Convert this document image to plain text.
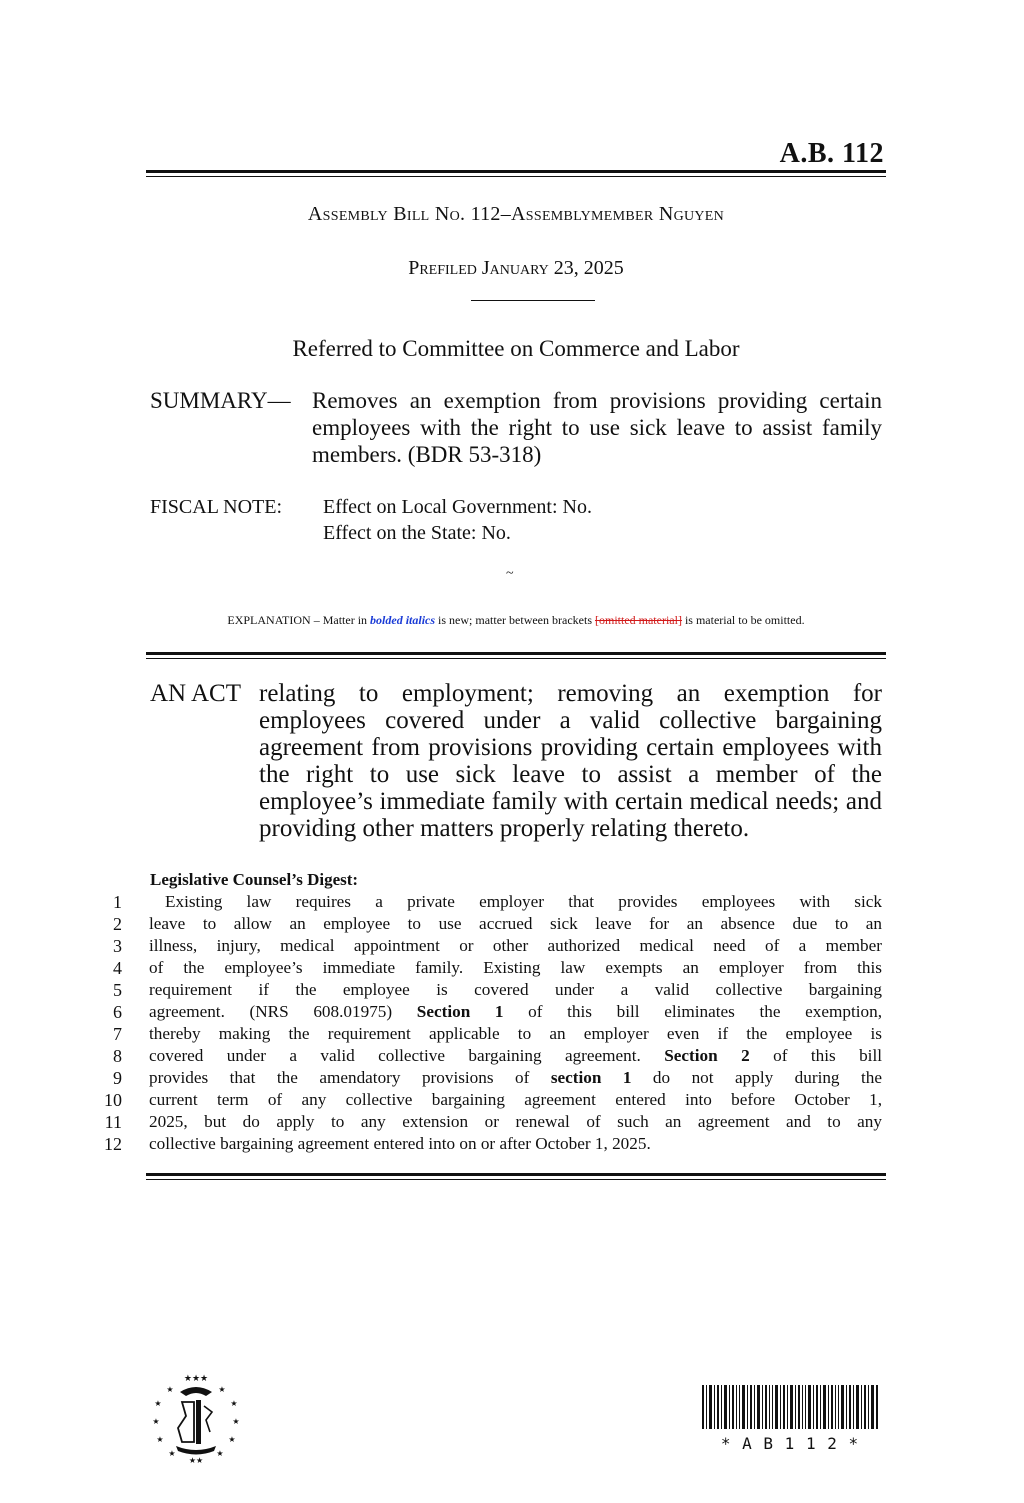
A.B. 112
Assembly Bill No. 112–Assemblymember Nguyen
Prefiled January 23, 2025
Referred to Committee on Commerce and Labor
SUMMARY— Removes an exemption from provisions providing certain employees with the right to use sick leave to assist family members. (BDR 53-318)
FISCAL NOTE: Effect on Local Government: No.
Effect on the State: No.
~
EXPLANATION – Matter in bolded italics is new; matter between brackets [omitted material] is material to be omitted.
AN ACT relating to employment; removing an exemption for employees covered under a valid collective bargaining agreement from provisions providing certain employees with the right to use sick leave to assist a member of the employee’s immediate family with certain medical needs; and providing other matters properly relating thereto.
Legislative Counsel’s Digest:
1	Existing law requires a private employer that provides employees with sick
2 leave to allow an employee to use accrued sick leave for an absence due to an
3 illness, injury, medical appointment or other authorized medical need of a member
4 of the employee’s immediate family. Existing law exempts an employer from this
5 requirement if the employee is covered under a valid collective bargaining
6 agreement. (NRS 608.01975) Section 1 of this bill eliminates the exemption,
7 thereby making the requirement applicable to an employer even if the employee is
8 covered under a valid collective bargaining agreement. Section 2 of this bill
9 provides that the amendatory provisions of section 1 do not apply during the
10 current term of any collective bargaining agreement entered into before October 1,
11 2025, but do apply to any extension or renewal of such an agreement and to any
12 collective bargaining agreement entered into on or after October 1, 2025.
★★★
★	★
★	★
★	★
★	★
★	★
★★
* A B 1 1 2 *
